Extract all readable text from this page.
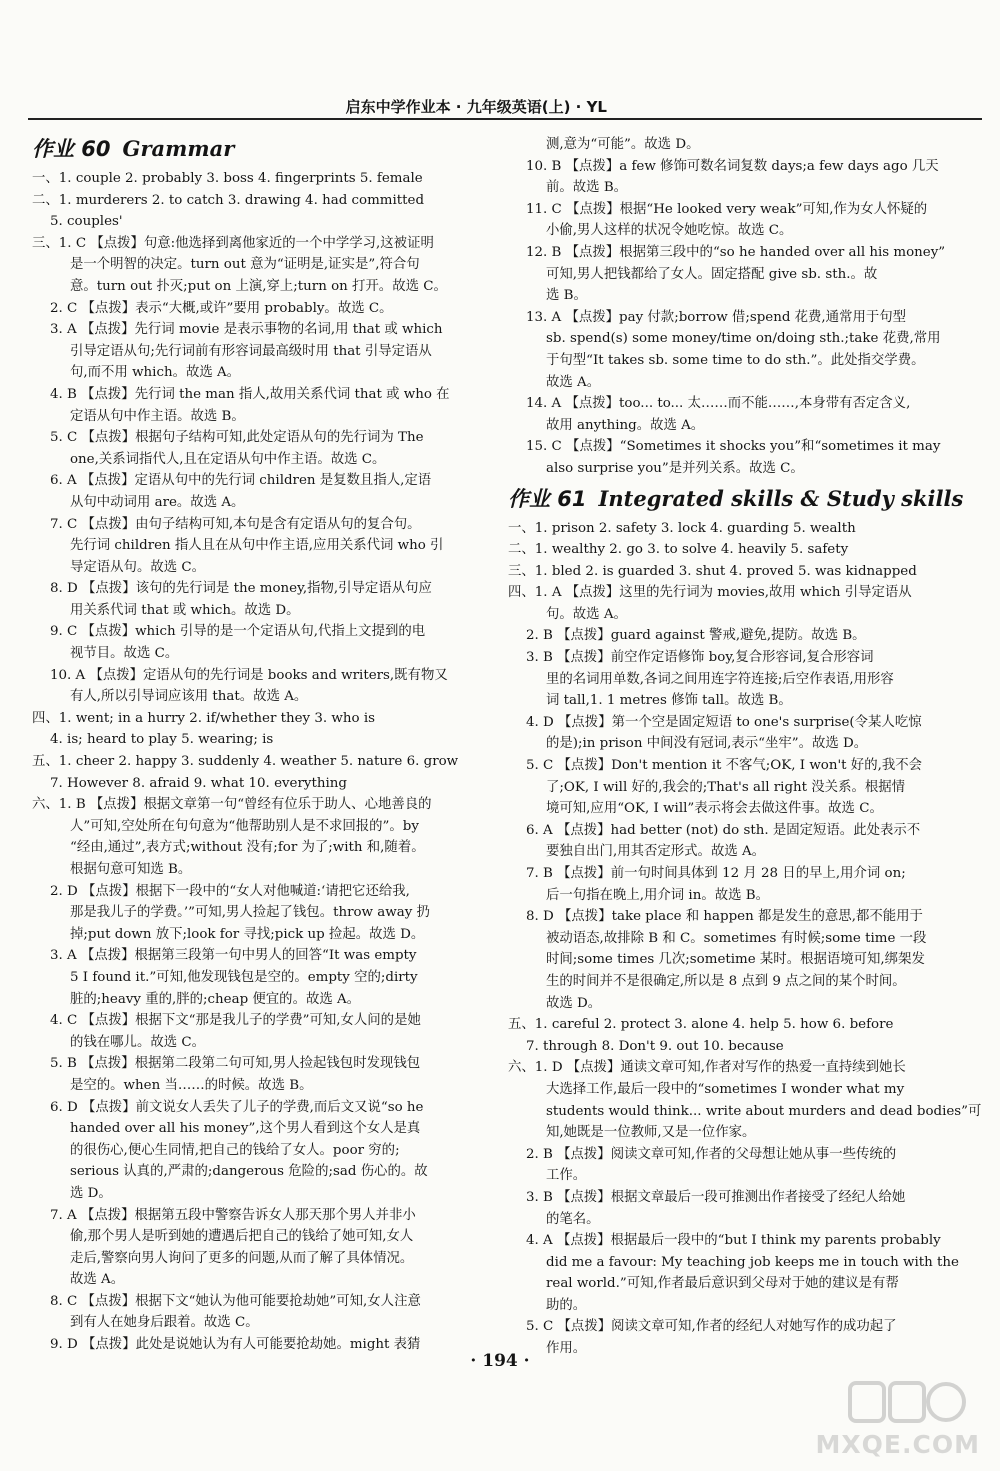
启东中学作业本 · 九年级英语(上) · YL
作业 60 Grammar
一、1. couple 2. probably 3. boss 4. fingerprints 5. female
二、1. murderers 2. to catch 3. drawing 4. had committed
5. couples'
三、1. C 【点拨】句意:他选择到离他家近的一个中学学习,这被证明
是一个明智的决定。turn out 意为“证明是,证实是”,符合句
意。turn out 扑灭;put on 上演,穿上;turn on 打开。故选 C。
2. C 【点拨】表示“大概,或许”要用 probably。故选 C。
3. A 【点拨】先行词 movie 是表示事物的名词,用 that 或 which
引导定语从句;先行词前有形容词最高级时用 that 引导定语从
句,而不用 which。故选 A。
4. B 【点拨】先行词 the man 指人,故用关系代词 that 或 who 在
定语从句中作主语。故选 B。
5. C 【点拨】根据句子结构可知,此处定语从句的先行词为 The
one,关系词指代人,且在定语从句中作主语。故选 C。
6. A 【点拨】定语从句中的先行词 children 是复数且指人,定语
从句中动词用 are。故选 A。
7. C 【点拨】由句子结构可知,本句是含有定语从句的复合句。
先行词 children 指人且在从句中作主语,应用关系代词 who 引
导定语从句。故选 C。
8. D 【点拨】该句的先行词是 the money,指物,引导定语从句应
用关系代词 that 或 which。故选 D。
9. C 【点拨】which 引导的是一个定语从句,代指上文提到的电
视节目。故选 C。
10. A 【点拨】定语从句的先行词是 books and writers,既有物又
有人,所以引导词应该用 that。故选 A。
四、1. went; in a hurry 2. if/whether they 3. who is
4. is; heard to play 5. wearing; is
五、1. cheer 2. happy 3. suddenly 4. weather 5. nature 6. grow
7. However 8. afraid 9. what 10. everything
六、1. B 【点拨】根据文章第一句“曾经有位乐于助人、心地善良的
人”可知,空处所在句句意为“他帮助别人是不求回报的”。by
“经由,通过”,表方式;without 没有;for 为了;with 和,随着。
根据句意可知选 B。
2. D 【点拨】根据下一段中的“女人对他喊道:‘请把它还给我,
那是我儿子的学费。’”可知,男人捡起了钱包。throw away 扔
掉;put down 放下;look for 寻找;pick up 捡起。故选 D。
3. A 【点拨】根据第三段第一句中男人的回答“It was empty
5 I found it.”可知,他发现钱包是空的。empty 空的;dirty
脏的;heavy 重的,胖的;cheap 便宜的。故选 A。
4. C 【点拨】根据下文“那是我儿子的学费”可知,女人问的是她
的钱在哪儿。故选 C。
5. B 【点拨】根据第二段第二句可知,男人捡起钱包时发现钱包
是空的。when 当……的时候。故选 B。
6. D 【点拨】前文说女人丢失了儿子的学费,而后文又说“so he
handed over all his money”,这个男人看到这个女人是真
的很伤心,便心生同情,把自己的钱给了女人。poor 穷的;
serious 认真的,严肃的;dangerous 危险的;sad 伤心的。故
选 D。
7. A 【点拨】根据第五段中警察告诉女人那天那个男人并非小
偷,那个男人是听到她的遭遇后把自己的钱给了她可知,女人
走后,警察向男人询问了更多的问题,从而了解了具体情况。
故选 A。
8. C 【点拨】根据下文“她认为他可能要抢劫她”可知,女人注意
到有人在她身后跟着。故选 C。
9. D 【点拨】此处是说她认为有人可能要抢劫她。might 表猜
测,意为“可能”。故选 D。
10. B 【点拨】a few 修饰可数名词复数 days;a few days ago 几天
前。故选 B。
11. C 【点拨】根据“He looked very weak”可知,作为女人怀疑的
小偷,男人这样的状况令她吃惊。故选 C。
12. B 【点拨】根据第三段中的“so he handed over all his money”
可知,男人把钱都给了女人。固定搭配 give sb. sth.。故
选 B。
13. A 【点拨】pay 付款;borrow 借;spend 花费,通常用于句型
sb. spend(s) some money/time on/doing sth.;take 花费,常用
于句型“It takes sb. some time to do sth.”。此处指交学费。
故选 A。
14. A 【点拨】too... to... 太……而不能……,本身带有否定含义,
故用 anything。故选 A。
15. C 【点拨】“Sometimes it shocks you”和“sometimes it may
also surprise you”是并列关系。故选 C。
作业 61 Integrated skills & Study skills
一、1. prison 2. safety 3. lock 4. guarding 5. wealth
二、1. wealthy 2. go 3. to solve 4. heavily 5. safety
三、1. bled 2. is guarded 3. shut 4. proved 5. was kidnapped
四、1. A 【点拨】这里的先行词为 movies,故用 which 引导定语从
句。故选 A。
2. B 【点拨】guard against 警戒,避免,提防。故选 B。
3. B 【点拨】前空作定语修饰 boy,复合形容词,复合形容词
里的名词用单数,各词之间用连字符连接;后空作表语,用形容
词 tall,1. 1 metres 修饰 tall。故选 B。
4. D 【点拨】第一个空是固定短语 to one's surprise(令某人吃惊
的是);in prison 中间没有冠词,表示“坐牢”。故选 D。
5. C 【点拨】Don't mention it 不客气;OK, I won't 好的,我不会
了;OK, I will 好的,我会的;That's all right 没关系。根据情
境可知,应用“OK, I will”表示将会去做这件事。故选 C。
6. A 【点拨】had better (not) do sth. 是固定短语。此处表示不
要独自出门,用其否定形式。故选 A。
7. B 【点拨】前一句时间具体到 12 月 28 日的早上,用介词 on;
后一句指在晚上,用介词 in。故选 B。
8. D 【点拨】take place 和 happen 都是发生的意思,都不能用于
被动语态,故排除 B 和 C。sometimes 有时候;some time 一段
时间;some times 几次;sometime 某时。根据语境可知,绑架发
生的时间并不是很确定,所以是 8 点到 9 点之间的某个时间。
故选 D。
五、1. careful 2. protect 3. alone 4. help 5. how 6. before
7. through 8. Don't 9. out 10. because
六、1. D 【点拨】通读文章可知,作者对写作的热爱一直持续到她长
大选择工作,最后一段中的“sometimes I wonder what my
students would think... write about murders and dead bodies”可
知,她既是一位教师,又是一位作家。
2. B 【点拨】阅读文章可知,作者的父母想让她从事一些传统的
工作。
3. B 【点拨】根据文章最后一段可推测出作者接受了经纪人给她
的笔名。
4. A 【点拨】根据最后一段中的“but I think my parents probably
did me a favour: My teaching job keeps me in touch with the
real world.”可知,作者最后意识到父母对于她的建议是有帮
助的。
5. C 【点拨】阅读文章可知,作者的经纪人对她写作的成功起了
作用。
· 194 ·
MXQE.COM
